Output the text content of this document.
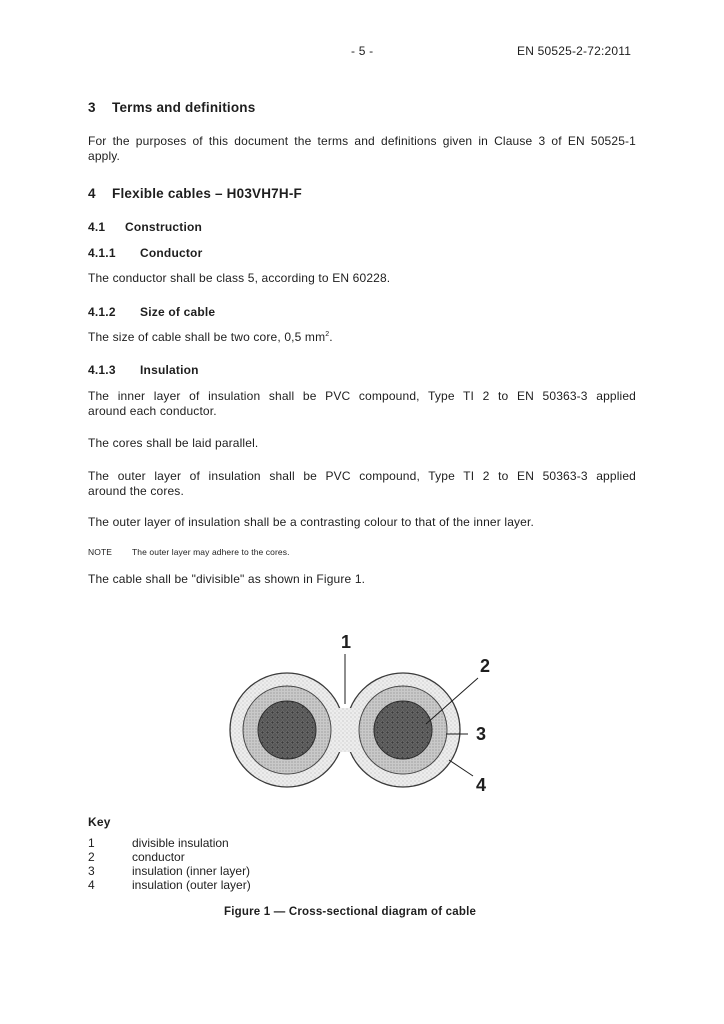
- 5 -	EN 50525-2-72:2011
3 Terms and definitions
For the purposes of this document the terms and definitions given in Clause 3 of EN 50525-1
apply.
4 Flexible cables – H03VH7H-F
4.1 Construction
4.1.1 Conductor
The conductor shall be class 5, according to EN 60228.
4.1.2 Size of cable
The size of cable shall be two core, 0,5 $mm^2$.
4.1.3 Insulation
The inner layer of insulation shall be PVC compound, Type TI 2 to EN 50363-3 applied
around each conductor.
The cores shall be laid parallel.
The outer layer of insulation shall be PVC compound, Type TI 2 to EN 50363-3 applied
around the cores.
The outer layer of insulation shall be a contrasting colour to that of the inner layer.
NOTE The outer layer may adhere to the cores.
The cable shall be "divisible" as shown in Figure 1.
1
2
3
4
Key
1	divisible insulation
2	conductor
3	insulation (inner layer)
4	insulation (outer layer)
Figure 1 — Cross-sectional diagram of cable
